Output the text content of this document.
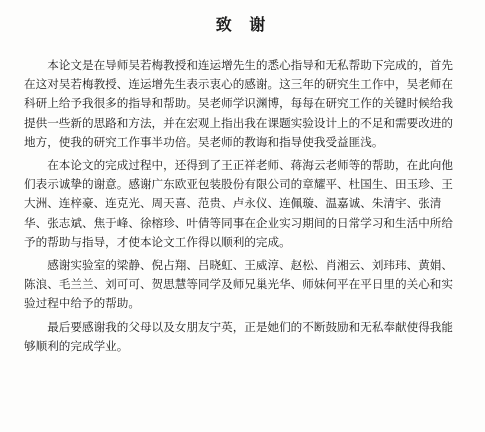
致 谢

　　本论文是在导师吴若梅教授和连运增先生的悉心指导和无私帮助下完成的，首先在这对吴若梅教授、连运增先生表示衷心的感谢。这三年的研究生工作中，吴老师在科研上给予我很多的指导和帮助。吴老师学识渊博，每每在研究工作的关键时候给我提供一些新的思路和方法，并在宏观上指出我在课题实验设计上的不足和需要改进的地方，使我的研究工作事半功倍。吴老师的教诲和指导使我受益匪浅。

　　在本论文的完成过程中，还得到了王正祥老师、蒋海云老师等的帮助，在此向他们表示诚挚的谢意。感谢广东欧亚包装股份有限公司的章耀平、杜国生、田玉珍、王大洲、连梓豪、连克光、周天喜、范贵、卢永仪、连佩璇、温嘉诚、朱清宇、张清华、张志斌、焦于峰、徐榕珍、叶倩等同事在企业实习期间的日常学习和生活中所给予的帮助与指导，才使本论文工作得以顺利的完成。

　　感谢实验室的梁静、倪占翔、吕晓虹、王威淳、赵松、肖湘云、刘玮玮、黄娟、陈浪、毛兰兰、刘可可、贺思慧等同学及师兄巢光华、师妹何平在平日里的关心和实验过程中给予的帮助。

　　最后要感谢我的父母以及女朋友宁英，正是她们的不断鼓励和无私奉献使得我能够顺利的完成学业。
